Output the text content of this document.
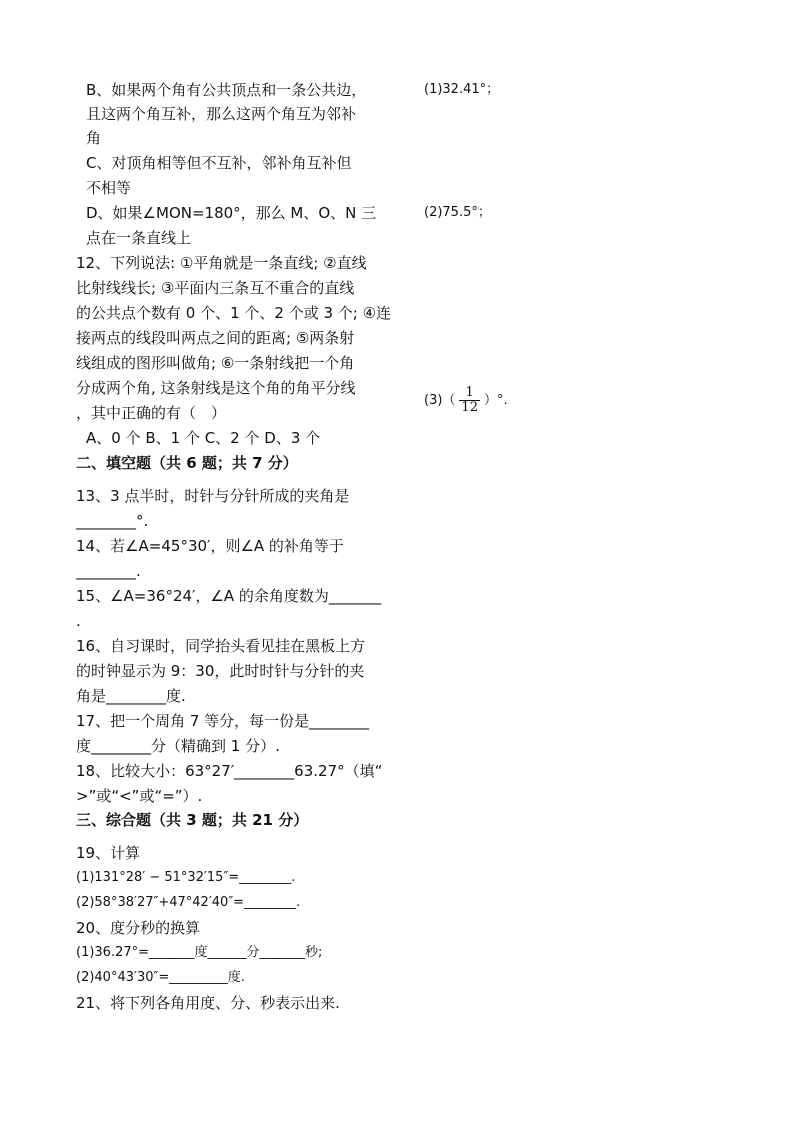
B、如果两个角有公共顶点和一条公共边，
且这两个角互补，那么这两个角互为邻补
角
C、对顶角相等但不互补，邻补角互补但
不相等
D、如果∠MON=180°，那么 M、O、N 三
点在一条直线上
12、下列说法: ①平角就是一条直线; ②直线
比射线线长; ③平面内三条互不重合的直线
的公共点个数有 0 个、1 个、2 个或 3 个; ④连
接两点的线段叫两点之间的距离; ⑤两条射
线组成的图形叫做角; ⑥一条射线把一个角
分成两个角, 这条射线是这个角的角平分线
，其中正确的有（　）
A、0 个 B、1 个 C、2 个 D、3 个
二、填空题（共 6 题；共 7 分）
13、3 点半时，时针与分针所成的夹角是
________°.
14、若∠A=45°30′，则∠A 的补角等于
________.
15、∠A=36°24′，∠A 的余角度数为_______
.
16、自习课时，同学抬头看见挂在黑板上方
的时钟显示为 9：30，此时时针与分针的夹
角是________度.
17、把一个周角 7 等分，每一份是________
度________分（精确到 1 分）.
18、比较大小：63°27′________63.27°（填“
>”或“<”或“=”）.
三、综合题（共 3 题；共 21 分）
19、计算
(1)131°28′ − 51°32′15″=________.
(2)58°38′27″+47°42′40″=________.
20、度分秒的换算
(1)36.27°=_______度______分_______秒;
(2)40°43′30″=_________度.
21、将下列各角用度、分、秒表示出来.
(1)32.41°；
(2)75.5°；
$(3)( \frac{1}{12}$ ）°.
